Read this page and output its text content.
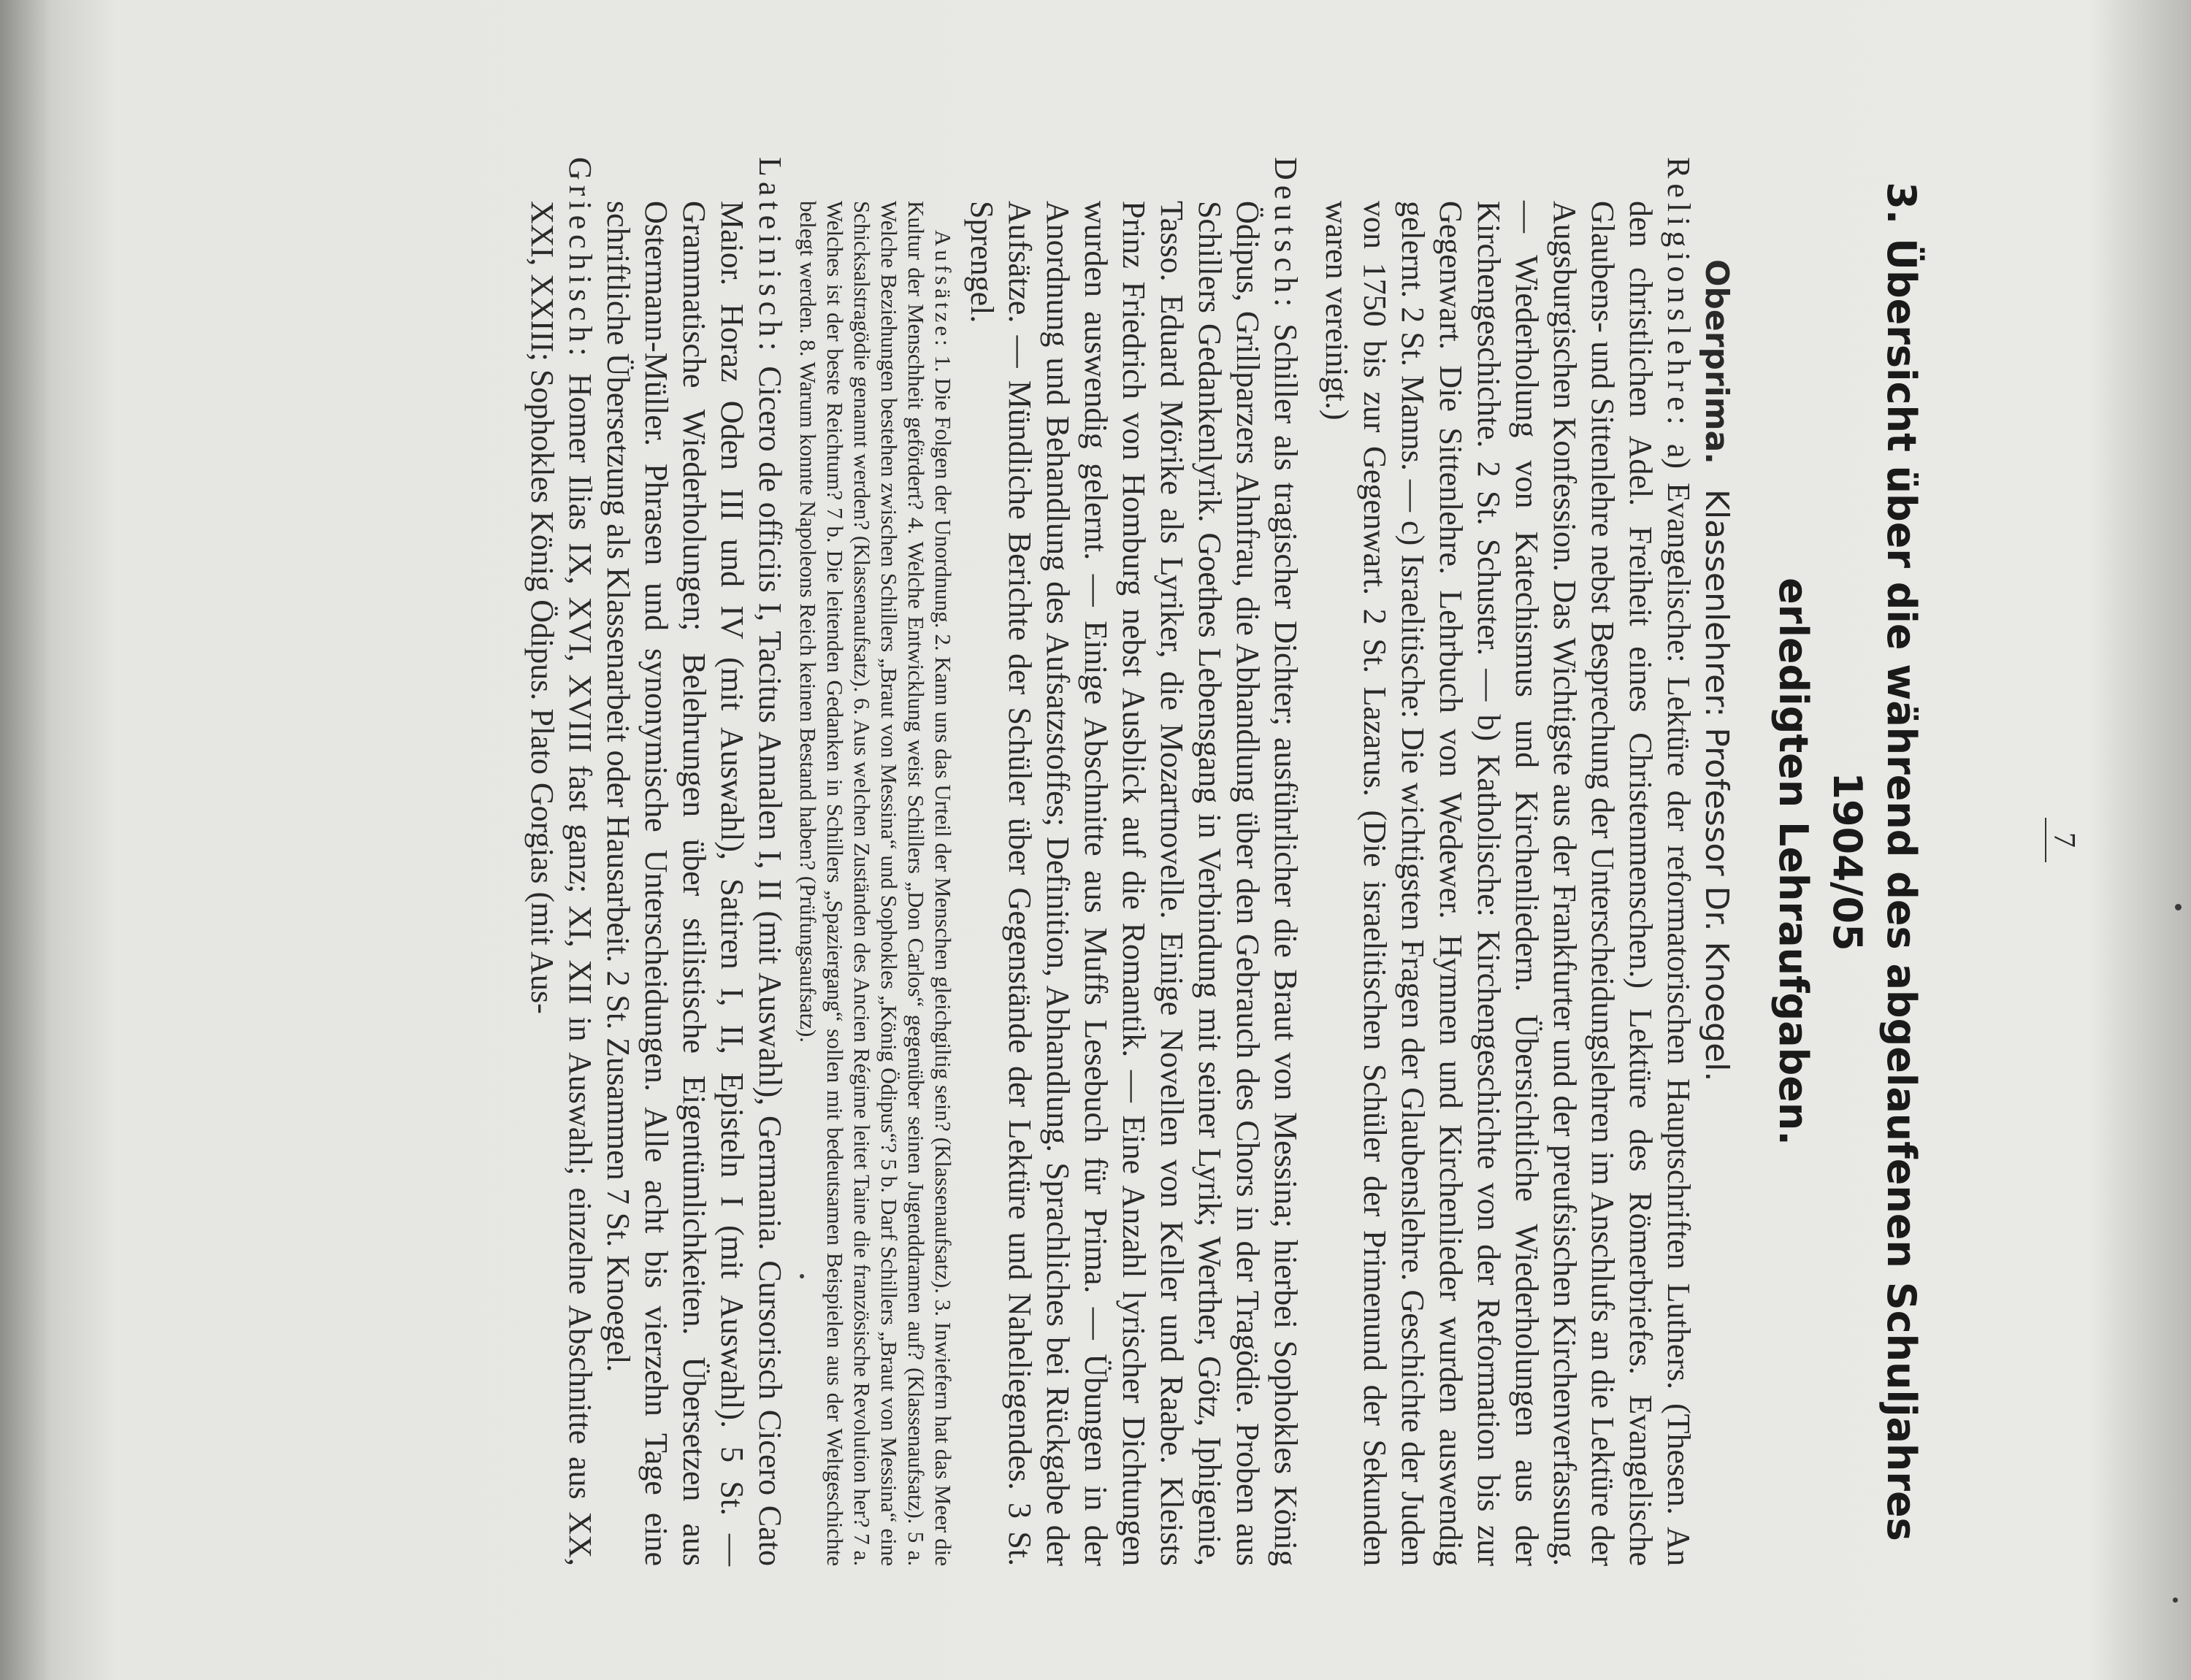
7
3. Übersicht über die während des abgelaufenen Schuljahres 1904/05
erledigten Lehraufgaben.

Oberprima. Klassenlehrer: Professor Dr. Knoegel.

Religionslehre: a) Evangelische: Lektüre der reformatorischen Hauptschriften Luthers. (Thesen. An den christlichen Adel. Freiheit eines Christenmenschen.) Lektüre des Römerbriefes. Evangelische Glaubens- und Sittenlehre nebst Besprechung der Unterscheidungslehren im Anschlufs an die Lektüre der Augsburgischen Konfession. Das Wichtigste aus der Frankfurter und der preufsischen Kirchenverfassung. — Wiederholung von Katechismus und Kirchenliedern. Übersichtliche Wiederholungen aus der Kirchengeschichte. 2 St. Schuster. — b) Katholische: Kirchengeschichte von der Reformation bis zur Gegenwart. Die Sittenlehre. Lehrbuch von Wedewer. Hymnen und Kirchenlieder wurden auswendig gelernt. 2 St. Manns. — c) Israelitische: Die wichtigsten Fragen der Glaubenslehre. Geschichte der Juden von 1750 bis zur Gegenwart. 2 St. Lazarus. (Die israelitischen Schüler der Primenund der Sekunden waren vereinigt.)

Deutsch: Schiller als tragischer Dichter; ausführlicher die Braut von Messina; hierbei Sophokles König Ödipus, Grillparzers Ahnfrau, die Abhandlung über den Gebrauch des Chors in der Tragödie. Proben aus Schillers Gedankenlyrik. Goethes Lebensgang in Verbindung mit seiner Lyrik; Werther, Götz, Iphigenie, Tasso. Eduard Mörike als Lyriker, die Mozartnovelle. Einige Novellen von Keller und Raabe. Kleists Prinz Friedrich von Homburg nebst Ausblick auf die Romantik. — Eine Anzahl lyrischer Dichtungen wurden auswendig gelernt. — Einige Abschnitte aus Muffs Lesebuch für Prima. — Übungen in der Anordnung und Behandlung des Aufsatzstoffes; Definition, Abhandlung. Sprachliches bei Rückgabe der Aufsätze. — Mündliche Berichte der Schüler über Gegenstände der Lektüre und Naheliegendes. 3 St. Sprengel.

Aufsätze: 1. Die Folgen der Unordnung. 2. Kann uns das Urteil der Menschen gleichgiltig sein? (Klassenaufsatz). 3. Inwiefern hat das Meer die Kultur der Menschheit gefördert? 4. Welche Entwicklung weist Schillers „Don Carlos“ gegenüber seinen Jugenddramen auf? (Klassenaufsatz). 5 a. Welche Beziehungen bestehen zwischen Schillers „Braut von Messina“ und Sophokles „König Ödipus“? 5 b. Darf Schillers „Braut von Messina“ eine Schicksalstragödie genannt werden? (Klassenaufsatz). 6. Aus welchen Zuständen des Ancien Régime leitet Taine die französische Revolution her? 7 a. Welches ist der beste Reichtum? 7 b. Die leitenden Gedanken in Schillers „Spaziergang“ sollen mit bedeutsamen Beispielen aus der Weltgeschichte belegt werden. 8. Warum konnte Napoleons Reich keinen Bestand haben? (Prüfungsaufsatz).

Lateinisch: Cicero de officiis I, Tacitus Annalen I, II (mit Auswahl), Germania. Cursorisch Cicero Cato Maior. Horaz Oden III und IV (mit Auswahl), Satiren I, II, Episteln I (mit Auswahl). 5 St. — Grammatische Wiederholungen; Belehrungen über stilistische Eigentümlichkeiten. Übersetzen aus Ostermann-Müller. Phrasen und synonymische Unterscheidungen. Alle acht bis vierzehn Tage eine schriftliche Übersetzung als Klassenarbeit oder Hausarbeit. 2 St. Zusammen 7 St. Knoegel.

Griechisch: Homer Ilias IX, XVI, XVIII fast ganz; XI, XII in Auswahl; einzelne Abschnitte aus XX, XXI, XXIII; Sophokles König Ödipus. Plato Gorgias (mit Aus-
